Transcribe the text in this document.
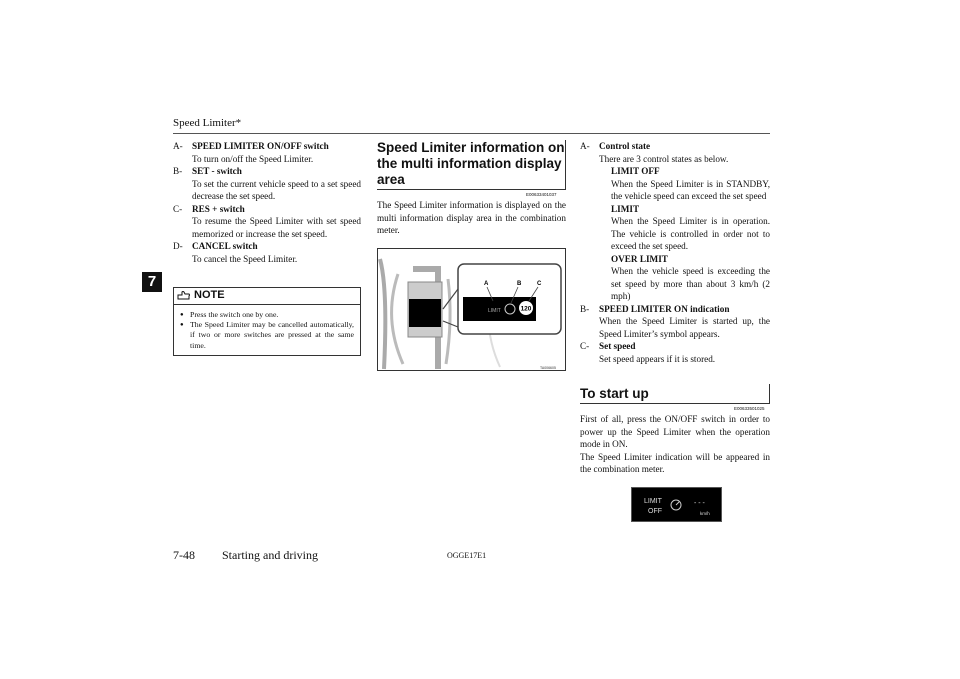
Speed Limiter*
7
A-	SPEED LIMITER ON/OFF switch
To turn on/off the Speed Limiter.
B-	SET - switch
To set the current vehicle speed to a set speed decrease the set speed.
C-	RES + switch
To resume the Speed Limiter with set speed memorized or increase the set speed.
D-	CANCEL switch
To cancel the Speed Limiter.
NOTE
● Press the switch one by one.
● The Speed Limiter may be cancelled automatically, if two or more switches are pressed at the same time.
Speed Limiter information on the multi information display area
E00633401037
The Speed Limiter information is displayed on the multi information display area in the combination meter.
LIMIT	120
A	B	C
TA006605
A-	Control state
There are 3 control states as below.
LIMIT OFF
When the Speed Limiter is in STANDBY, the vehicle speed can exceed the set speed
LIMIT
When the Speed Limiter is in operation. The vehicle is controlled in order not to exceed the set speed.
OVER LIMIT
When the vehicle speed is exceeding the set speed by more than about 3 km/h (2 mph)
B-	SPEED LIMITER ON indication
When the Speed Limiter is started up, the Speed Limiter’s symbol appears.
C-	Set speed
Set speed appears if it is stored.
To start up
E00633501025
First of all, press the ON/OFF switch in order to power up the Speed Limiter when the operation mode in ON.
The Speed Limiter indication will be appeared in the combination meter.
LIMIT
OFF
- - -
km/h
7-48 Starting and driving	OGGE17E1
